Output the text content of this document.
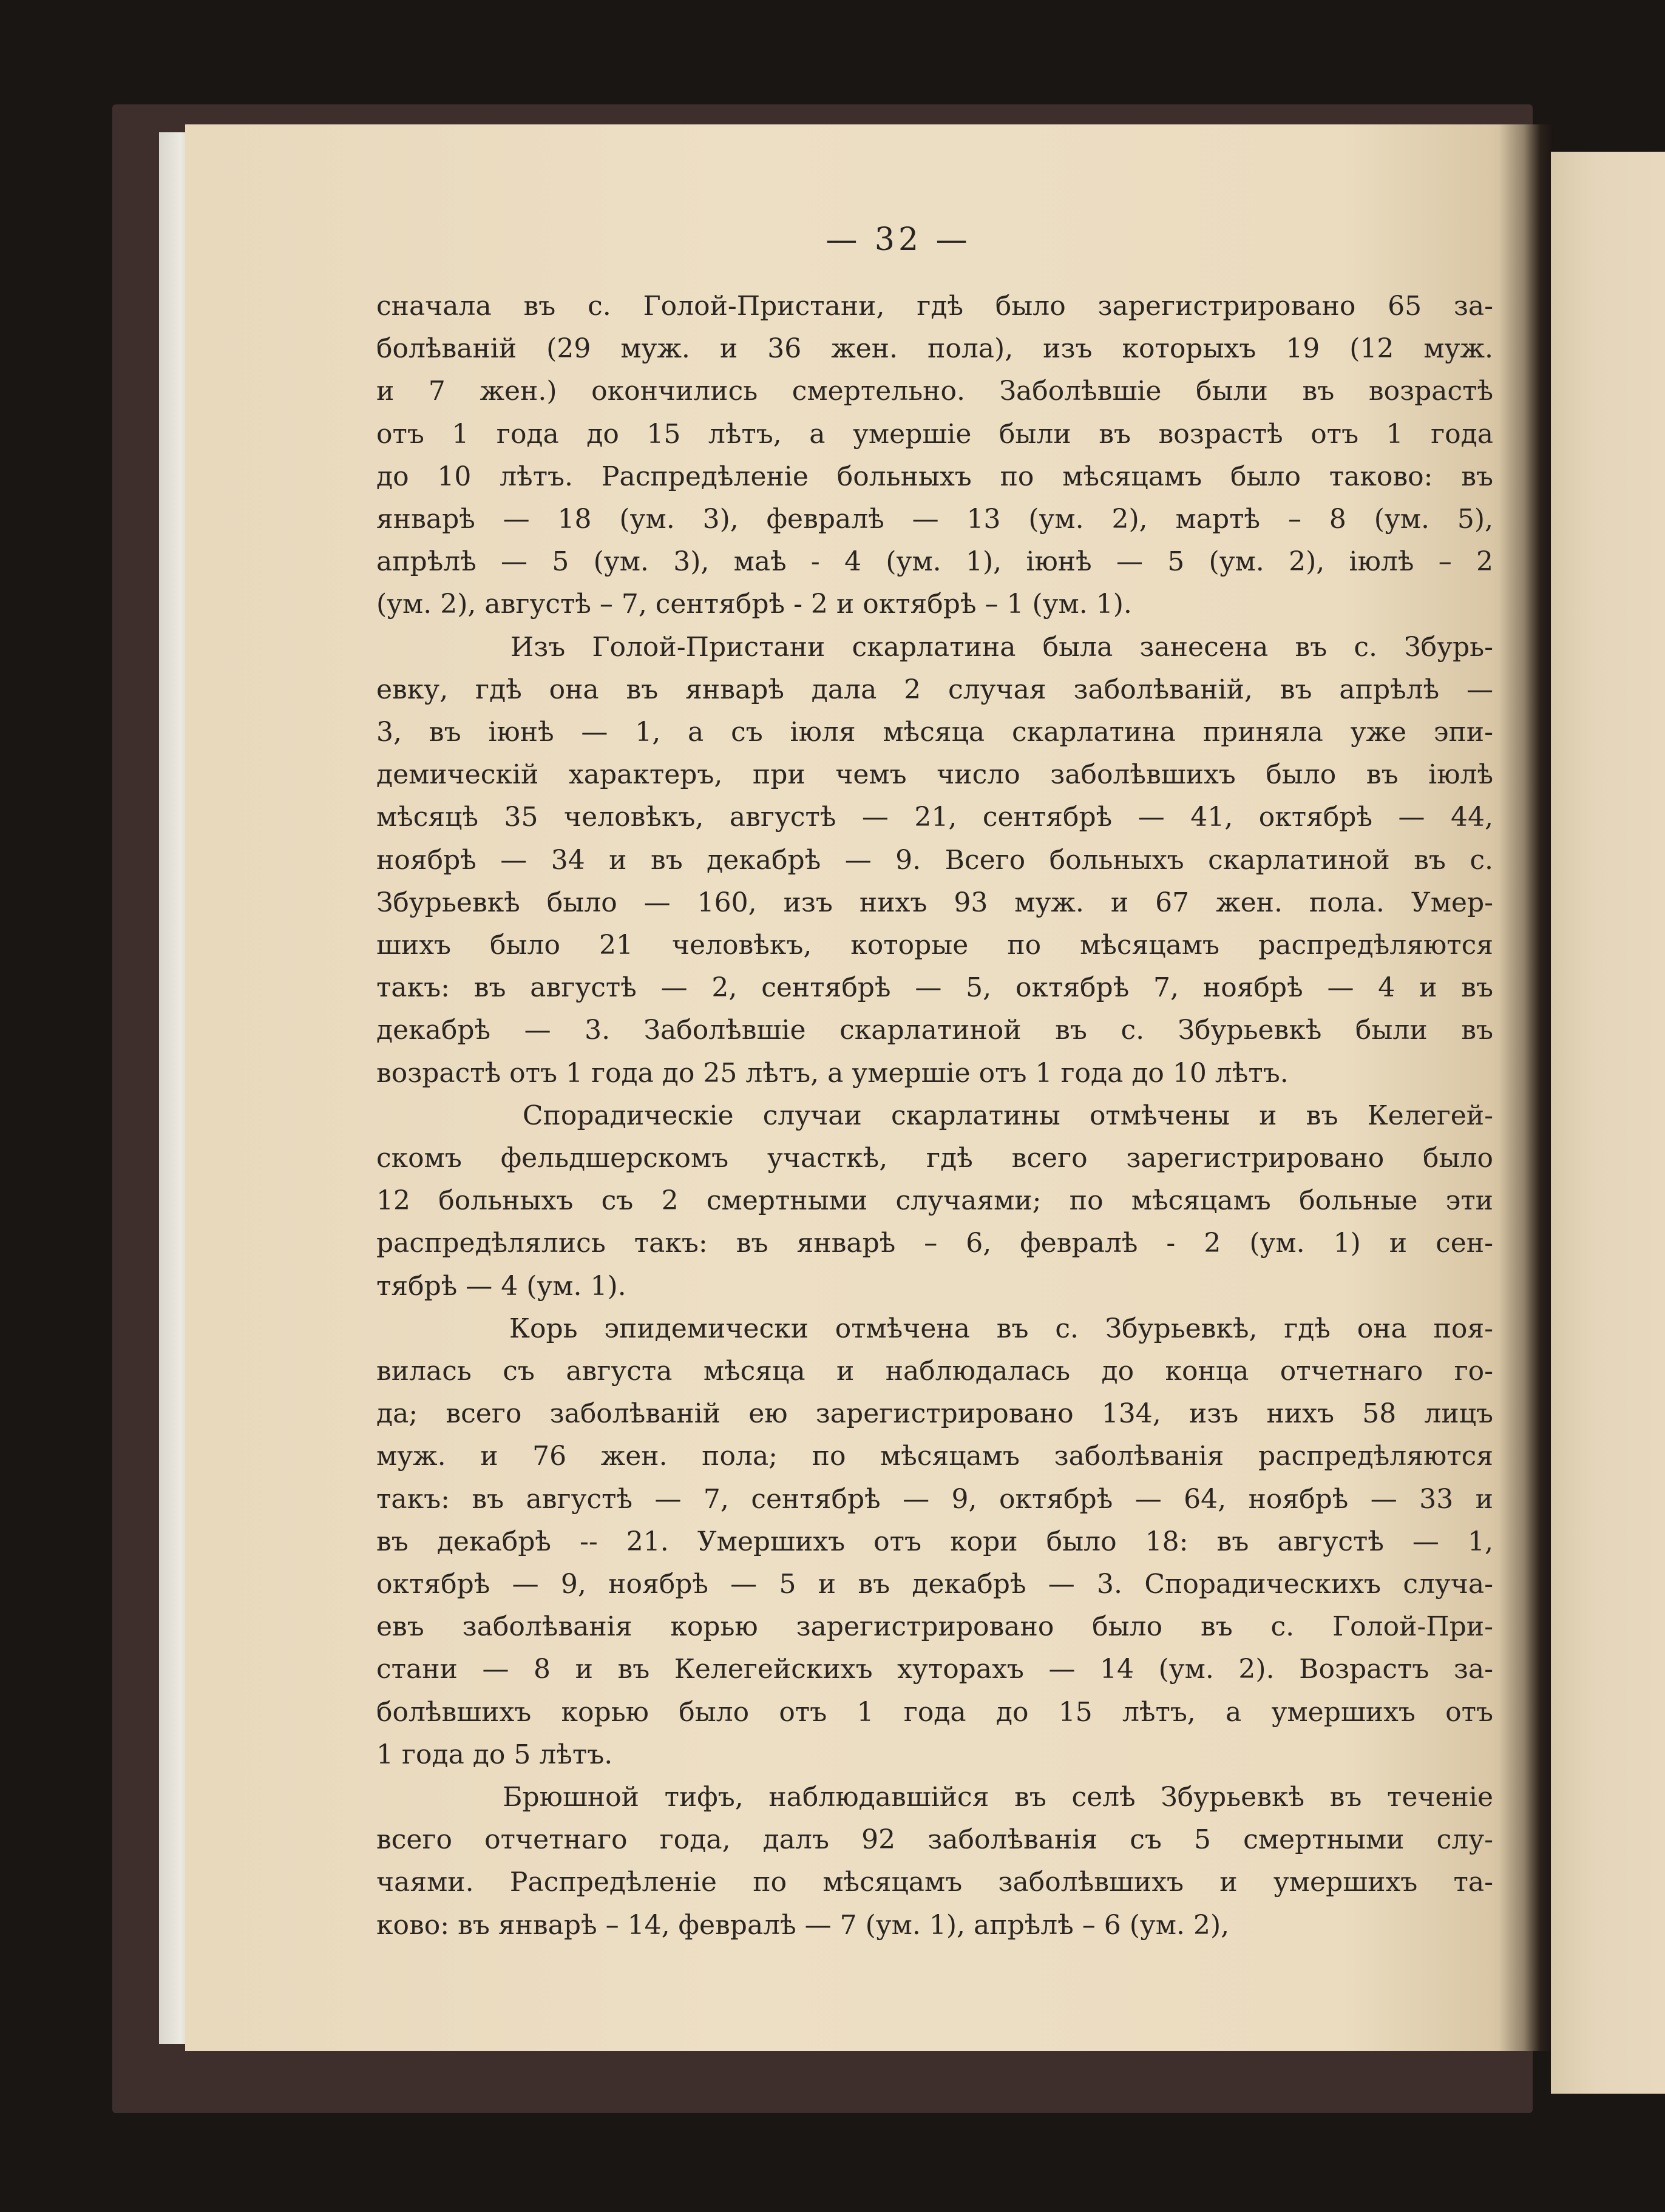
— 32 —
сначала въ с. Голой-Пристани, гдѣ было зарегистрировано 65 за-
болѣваній (29 муж. и 36 жен. пола), изъ которыхъ 19 (12 муж.
и 7 жен.) окончились смертельно. Заболѣвшіе были въ возрастѣ
отъ 1 года до 15 лѣтъ, а умершіе были въ возрастѣ отъ 1 года
до 10 лѣтъ. Распредѣленіе больныхъ по мѣсяцамъ было таково: въ
январѣ — 18 (ум. 3), февралѣ — 13 (ум. 2), мартѣ – 8 (ум. 5),
апрѣлѣ — 5 (ум. 3), маѣ - 4 (ум. 1), іюнѣ — 5 (ум. 2), іюлѣ – 2
(ум. 2), августѣ – 7, сентябрѣ - 2 и октябрѣ – 1 (ум. 1).
Изъ Голой-Пристани скарлатина была занесена въ с. Збурь-
евку, гдѣ она въ январѣ дала 2 случая заболѣваній, въ апрѣлѣ —
3, въ іюнѣ — 1, а съ іюля мѣсяца скарлатина приняла уже эпи-
демическій характеръ, при чемъ число заболѣвшихъ было въ іюлѣ
мѣсяцѣ 35 человѣкъ, августѣ — 21, сентябрѣ — 41, октябрѣ — 44,
ноябрѣ — 34 и въ декабрѣ — 9. Всего больныхъ скарлатиной въ с.
Збурьевкѣ было — 160, изъ нихъ 93 муж. и 67 жен. пола. Умер-
шихъ было 21 человѣкъ, которые по мѣсяцамъ распредѣляются
такъ: въ августѣ — 2, сентябрѣ — 5, октябрѣ 7, ноябрѣ — 4 и въ
декабрѣ — 3. Заболѣвшіе скарлатиной въ с. Збурьевкѣ были въ
возрастѣ отъ 1 года до 25 лѣтъ, а умершіе отъ 1 года до 10 лѣтъ.
Спорадическіе случаи скарлатины отмѣчены и въ Келегей-
скомъ фельдшерскомъ участкѣ, гдѣ всего зарегистрировано было
12 больныхъ съ 2 смертными случаями; по мѣсяцамъ больные эти
распредѣлялись такъ: въ январѣ – 6, февралѣ - 2 (ум. 1) и сен-
тябрѣ — 4 (ум. 1).
Корь эпидемически отмѣчена въ с. Збурьевкѣ, гдѣ она поя-
вилась съ августа мѣсяца и наблюдалась до конца отчетнаго го-
да; всего заболѣваній ею зарегистрировано 134, изъ нихъ 58 лицъ
муж. и 76 жен. пола; по мѣсяцамъ заболѣванія распредѣляются
такъ: въ августѣ — 7, сентябрѣ — 9, октябрѣ — 64, ноябрѣ — 33 и
въ декабрѣ -- 21. Умершихъ отъ кори было 18: въ августѣ — 1,
октябрѣ — 9, ноябрѣ — 5 и въ декабрѣ — 3. Спорадическихъ случа-
евъ заболѣванія корью зарегистрировано было въ с. Голой-При-
стани — 8 и въ Келегейскихъ хуторахъ — 14 (ум. 2). Возрастъ за-
болѣвшихъ корью было отъ 1 года до 15 лѣтъ, а умершихъ отъ
1 года до 5 лѣтъ.
Брюшной тифъ, наблюдавшійся въ селѣ Збурьевкѣ въ теченіе
всего отчетнаго года, далъ 92 заболѣванія съ 5 смертными слу-
чаями. Распредѣленіе по мѣсяцамъ заболѣвшихъ и умершихъ та-
ково: въ январѣ – 14, февралѣ — 7 (ум. 1), апрѣлѣ – 6 (ум. 2),
